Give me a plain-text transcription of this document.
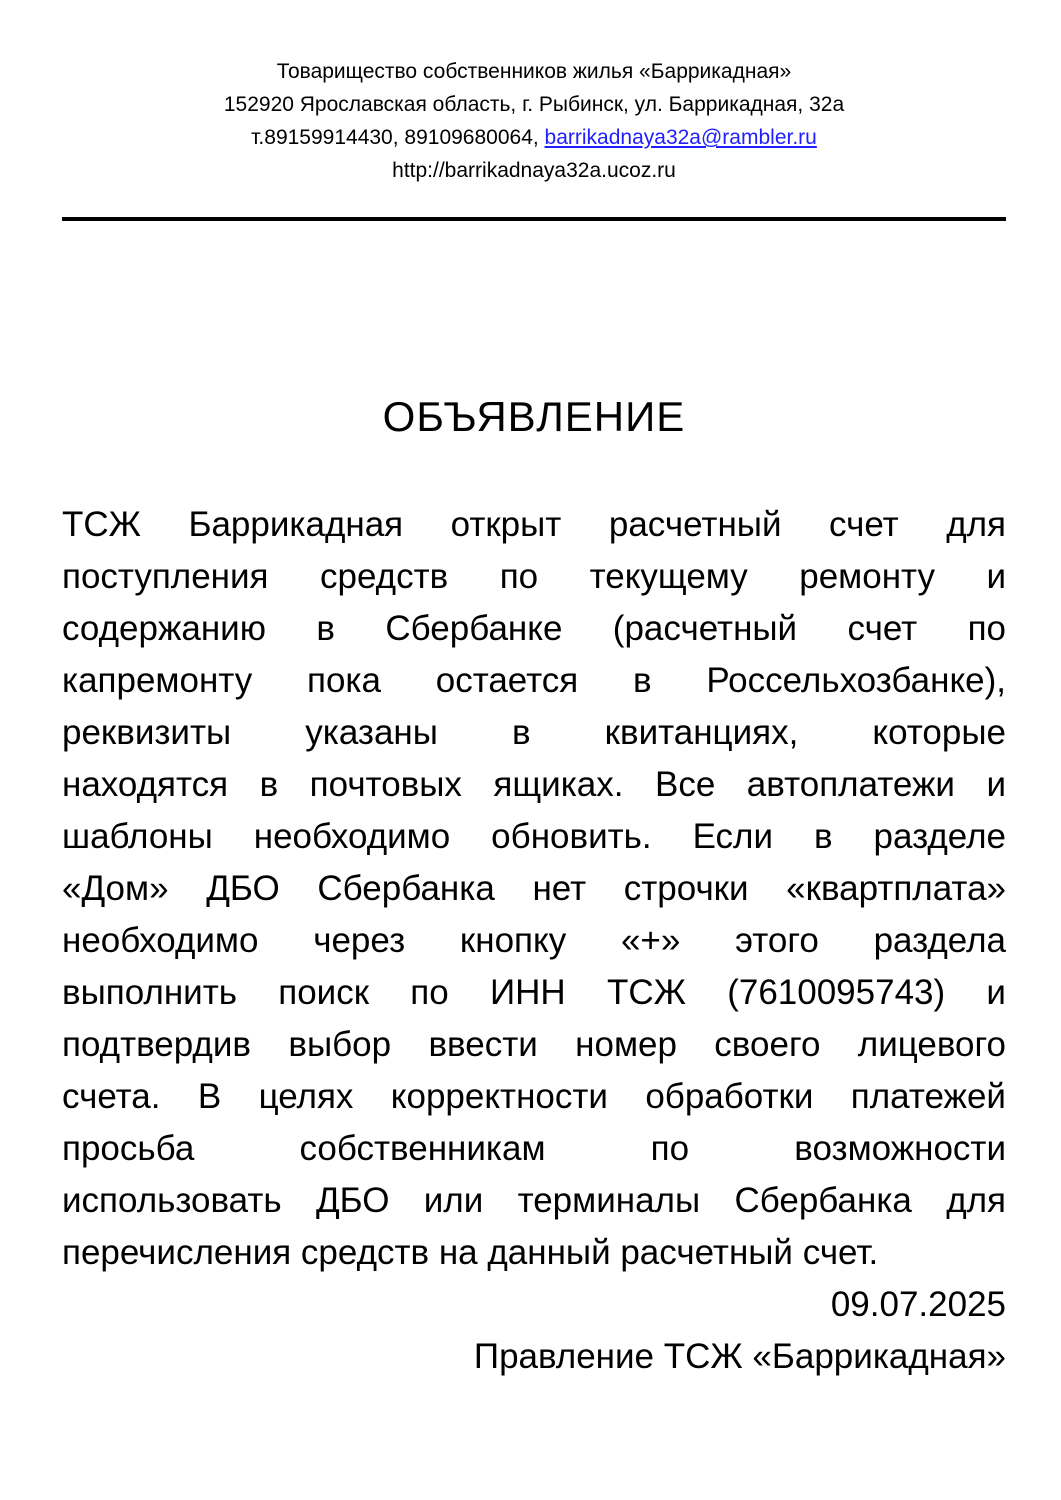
Товарищество собственников жилья «Баррикадная»
152920 Ярославская область, г. Рыбинск, ул. Баррикадная, 32а
т.89159914430, 89109680064, barrikadnaya32a@rambler.ru
http://barrikadnaya32a.ucoz.ru
ОБЪЯВЛЕНИЕ
ТСЖ Баррикадная открыт расчетный счет для
поступления средств по текущему ремонту и
содержанию в Сбербанке (расчетный счет по
капремонту пока остается в Россельхозбанке),
реквизиты указаны в квитанциях, которые
находятся в почтовых ящиках. Все автоплатежи и
шаблоны необходимо обновить. Если в разделе
«Дом» ДБО Сбербанка нет строчки «квартплата»
необходимо через кнопку «+» этого раздела
выполнить поиск по ИНН ТСЖ (7610095743) и
подтвердив выбор ввести номер своего лицевого
счета. В целях корректности обработки платежей
просьба собственникам по возможности
использовать ДБО или терминалы Сбербанка для
перечисления средств на данный расчетный счет.
09.07.2025
Правление ТСЖ «Баррикадная»
